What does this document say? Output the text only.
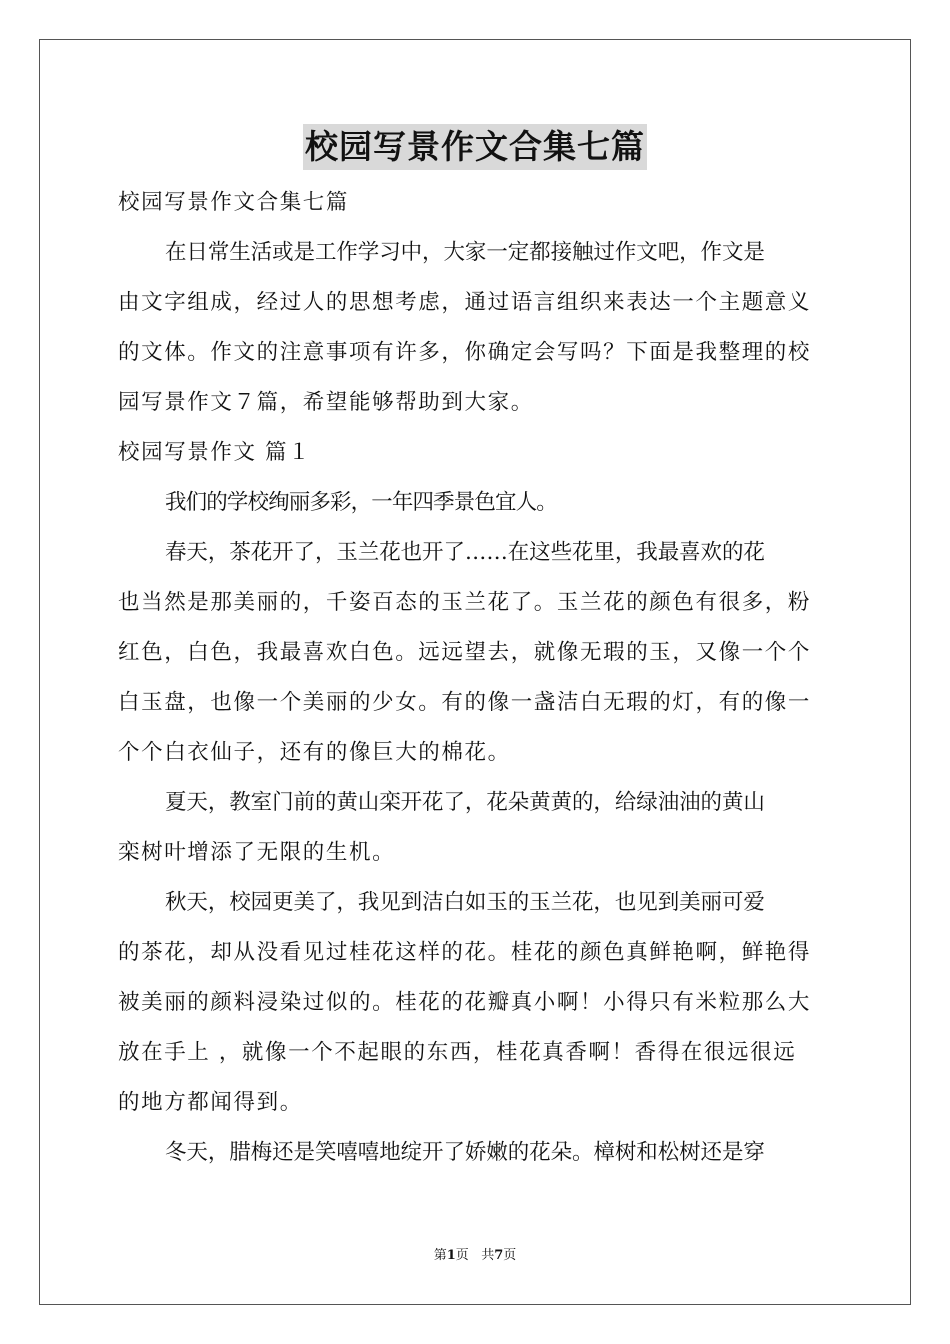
校园写景作文合集七篇
校园写景作文合集七篇
在日常生活或是工作学习中，大家一定都接触过作文吧，作文是
由文字组成，经过人的思想考虑，通过语言组织来表达一个主题意义
的文体。作文的注意事项有许多，你确定会写吗？下面是我整理的校
园写景作文７篇，希望能够帮助到大家。
校园写景作文 篇１
我们的学校绚丽多彩，一年四季景色宜人。
春天，茶花开了，玉兰花也开了……在这些花里，我最喜欢的花
也当然是那美丽的，千姿百态的玉兰花了。玉兰花的颜色有很多，粉
红色，白色，我最喜欢白色。远远望去，就像无瑕的玉，又像一个个
白玉盘，也像一个美丽的少女。有的像一盏洁白无瑕的灯，有的像一
个个白衣仙子，还有的像巨大的棉花。
夏天，教室门前的黄山栾开花了，花朵黄黄的，给绿油油的黄山
栾树叶增添了无限的生机。
秋天，校园更美了，我见到洁白如玉的玉兰花，也见到美丽可爱
的茶花，却从没看见过桂花这样的花。桂花的颜色真鲜艳啊，鲜艳得
被美丽的颜料浸染过似的。桂花的花瓣真小啊！小得只有米粒那么大
放在手上 ，就像一个不起眼的东西，桂花真香啊！香得在很远很远
的地方都闻得到。
冬天，腊梅还是笑嘻嘻地绽开了娇嫩的花朵。樟树和松树还是穿
第1页 共7页
